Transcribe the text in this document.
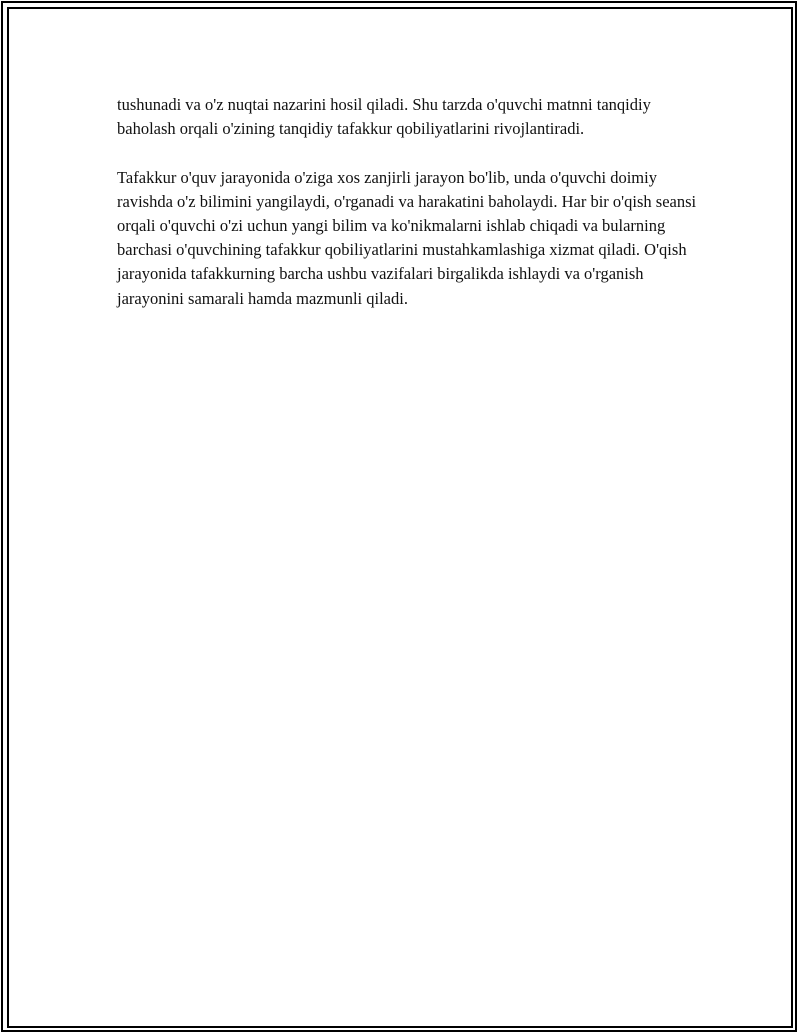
tushunadi va o'z nuqtai nazarini hosil qiladi. Shu tarzda o'quvchi matnni tanqidiy baholash orqali o'zining tanqidiy tafakkur qobiliyatlarini rivojlantiradi.

Tafakkur o'quv jarayonida o'ziga xos zanjirli jarayon bo'lib, unda o'quvchi doimiy ravishda o'z bilimini yangilaydi, o'rganadi va harakatini baholaydi. Har bir o'qish seansi orqali o'quvchi o'zi uchun yangi bilim va ko'nikmalarni ishlab chiqadi va bularning barchasi o'quvchining tafakkur qobiliyatlarini mustahkamlashiga xizmat qiladi. O'qish jarayonida tafakkurning barcha ushbu vazifalari birgalikda ishlaydi va o'rganish jarayonini samarali hamda mazmunli qiladi.
